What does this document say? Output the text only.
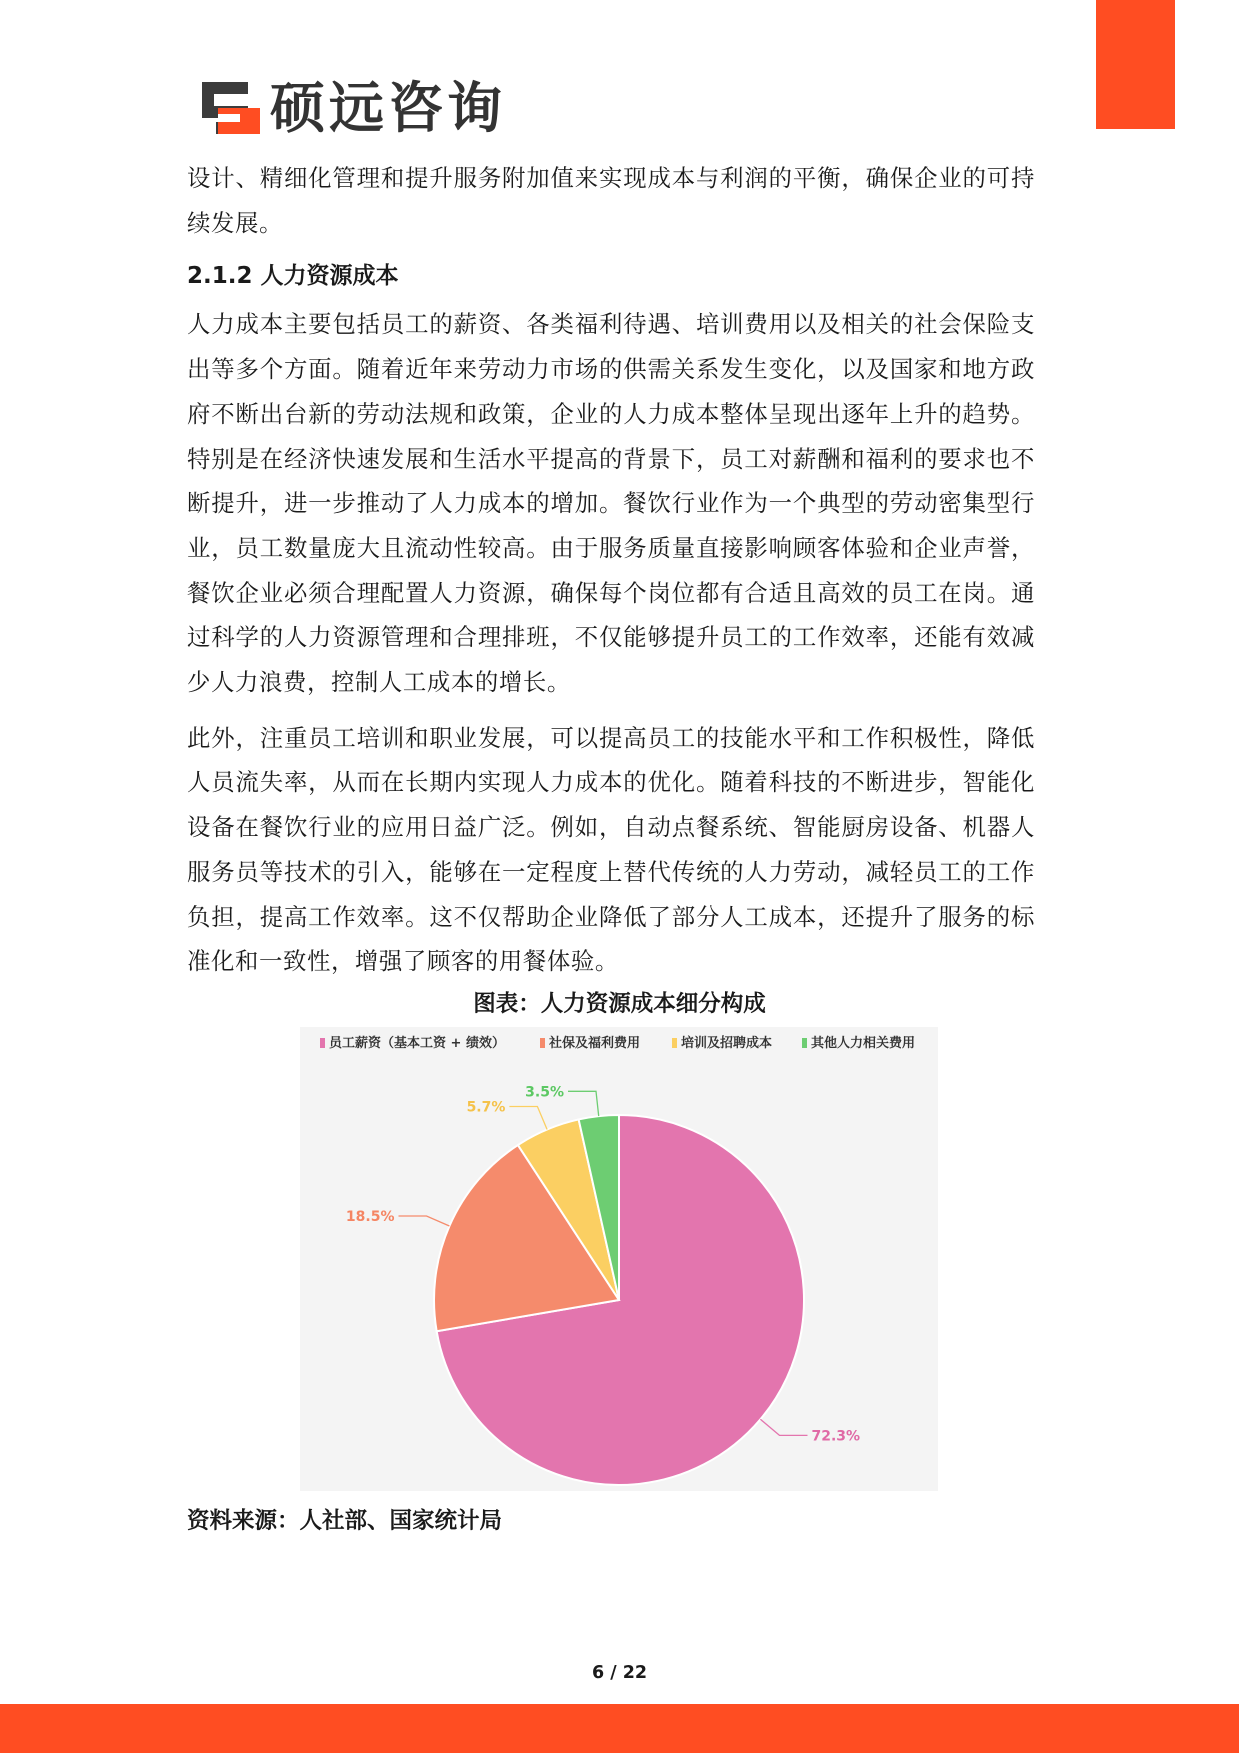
硕远咨询

设计、精细化管理和提升服务附加值来实现成本与利润的平衡，确保企业的可持续发展。

2.1.2 人力资源成本

人力成本主要包括员工的薪资、各类福利待遇、培训费用以及相关的社会保险支出等多个方面。随着近年来劳动力市场的供需关系发生变化，以及国家和地方政府不断出台新的劳动法规和政策，企业的人力成本整体呈现出逐年上升的趋势。特别是在经济快速发展和生活水平提高的背景下，员工对薪酬和福利的要求也不断提升，进一步推动了人力成本的增加。餐饮行业作为一个典型的劳动密集型行业，员工数量庞大且流动性较高。由于服务质量直接影响顾客体验和企业声誉，餐饮企业必须合理配置人力资源，确保每个岗位都有合适且高效的员工在岗。通过科学的人力资源管理和合理排班，不仅能够提升员工的工作效率，还能有效减少人力浪费，控制人工成本的增长。

此外，注重员工培训和职业发展，可以提高员工的技能水平和工作积极性，降低人员流失率，从而在长期内实现人力成本的优化。随着科技的不断进步，智能化设备在餐饮行业的应用日益广泛。例如，自动点餐系统、智能厨房设备、机器人服务员等技术的引入，能够在一定程度上替代传统的人力劳动，减轻员工的工作负担，提高工作效率。这不仅帮助企业降低了部分人工成本，还提升了服务的标准化和一致性，增强了顾客的用餐体验。

图表：人力资源成本细分构成
员工薪资（基本工资 + 绩效）	社保及福利费用	培训及招聘成本	其他人力相关费用
72.3%
18.5%
5.7%
3.5%
资料来源：人社部、国家统计局
6 / 22
